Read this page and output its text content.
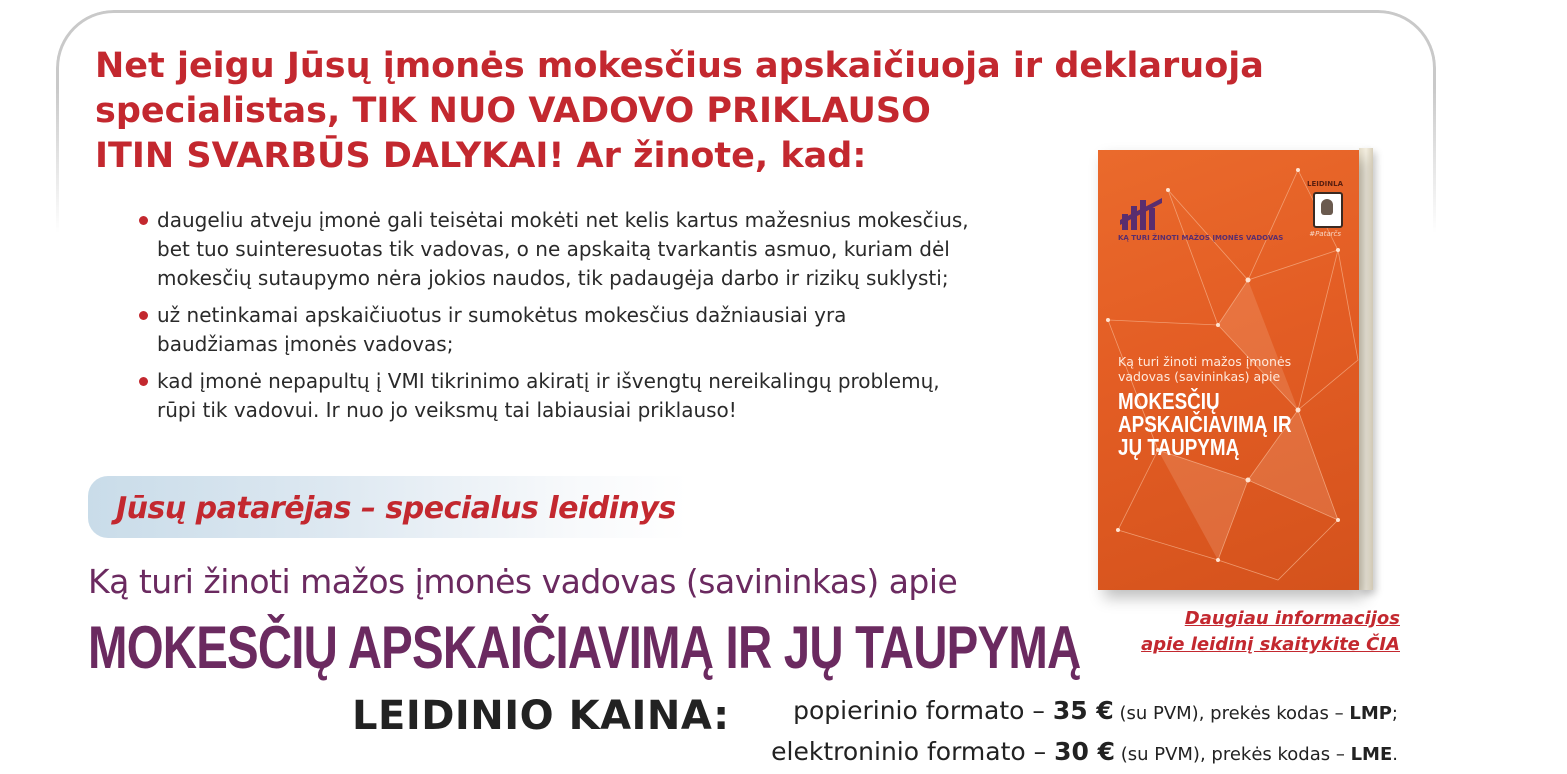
Net jeigu Jūsų įmonės mokesčius apskaičiuoja ir deklaruoja
specialistas, TIK NUO VADOVO PRIKLAUSO
ITIN SVARBŪS DALYKAI! Ar žinote, kad:
daugeliu atveju įmonė gali teisėtai mokėti net kelis kartus mažesnius mokesčius,
bet tuo suinteresuotas tik vadovas, o ne apskaitą tvarkantis asmuo, kuriam dėl
mokesčių sutaupymo nėra jokios naudos, tik padaugėja darbo ir rizikų suklysti;
už netinkamai apskaičiuotus ir sumokėtus mokesčius dažniausiai yra
baudžiamas įmonės vadovas;
kad įmonė nepapultų į VMI tikrinimo akiratį ir išvengtų nereikalingų problemų,
rūpi tik vadovui. Ir nuo jo veiksmų tai labiausiai priklauso!

Jūsų patarėjas – specialus leidinys

Ką turi žinoti mažos įmonės vadovas (savininkas) apie

MOKESČIŲ APSKAIČIAVIMĄ IR JŲ TAUPYMĄ	Daugiau informacijos
apie leidinį skaitykite ČIA

LEIDINIO KAINA:	popierinio formato – 35 € (su PVM), prekės kodas – LMP;
elektroninio formato – 30 € (su PVM), prekės kodas – LME.
KĄ TURI ŽINOTI MAŽOS ĮMONĖS VADOVAS
LEIDINLA
#Patarčs
Ką turi žinoti mažos įmonės vadovas (savininkas) apie
MOKESČIŲ
APSKAIČIAVIMĄ IR
JŲ TAUPYMĄ
